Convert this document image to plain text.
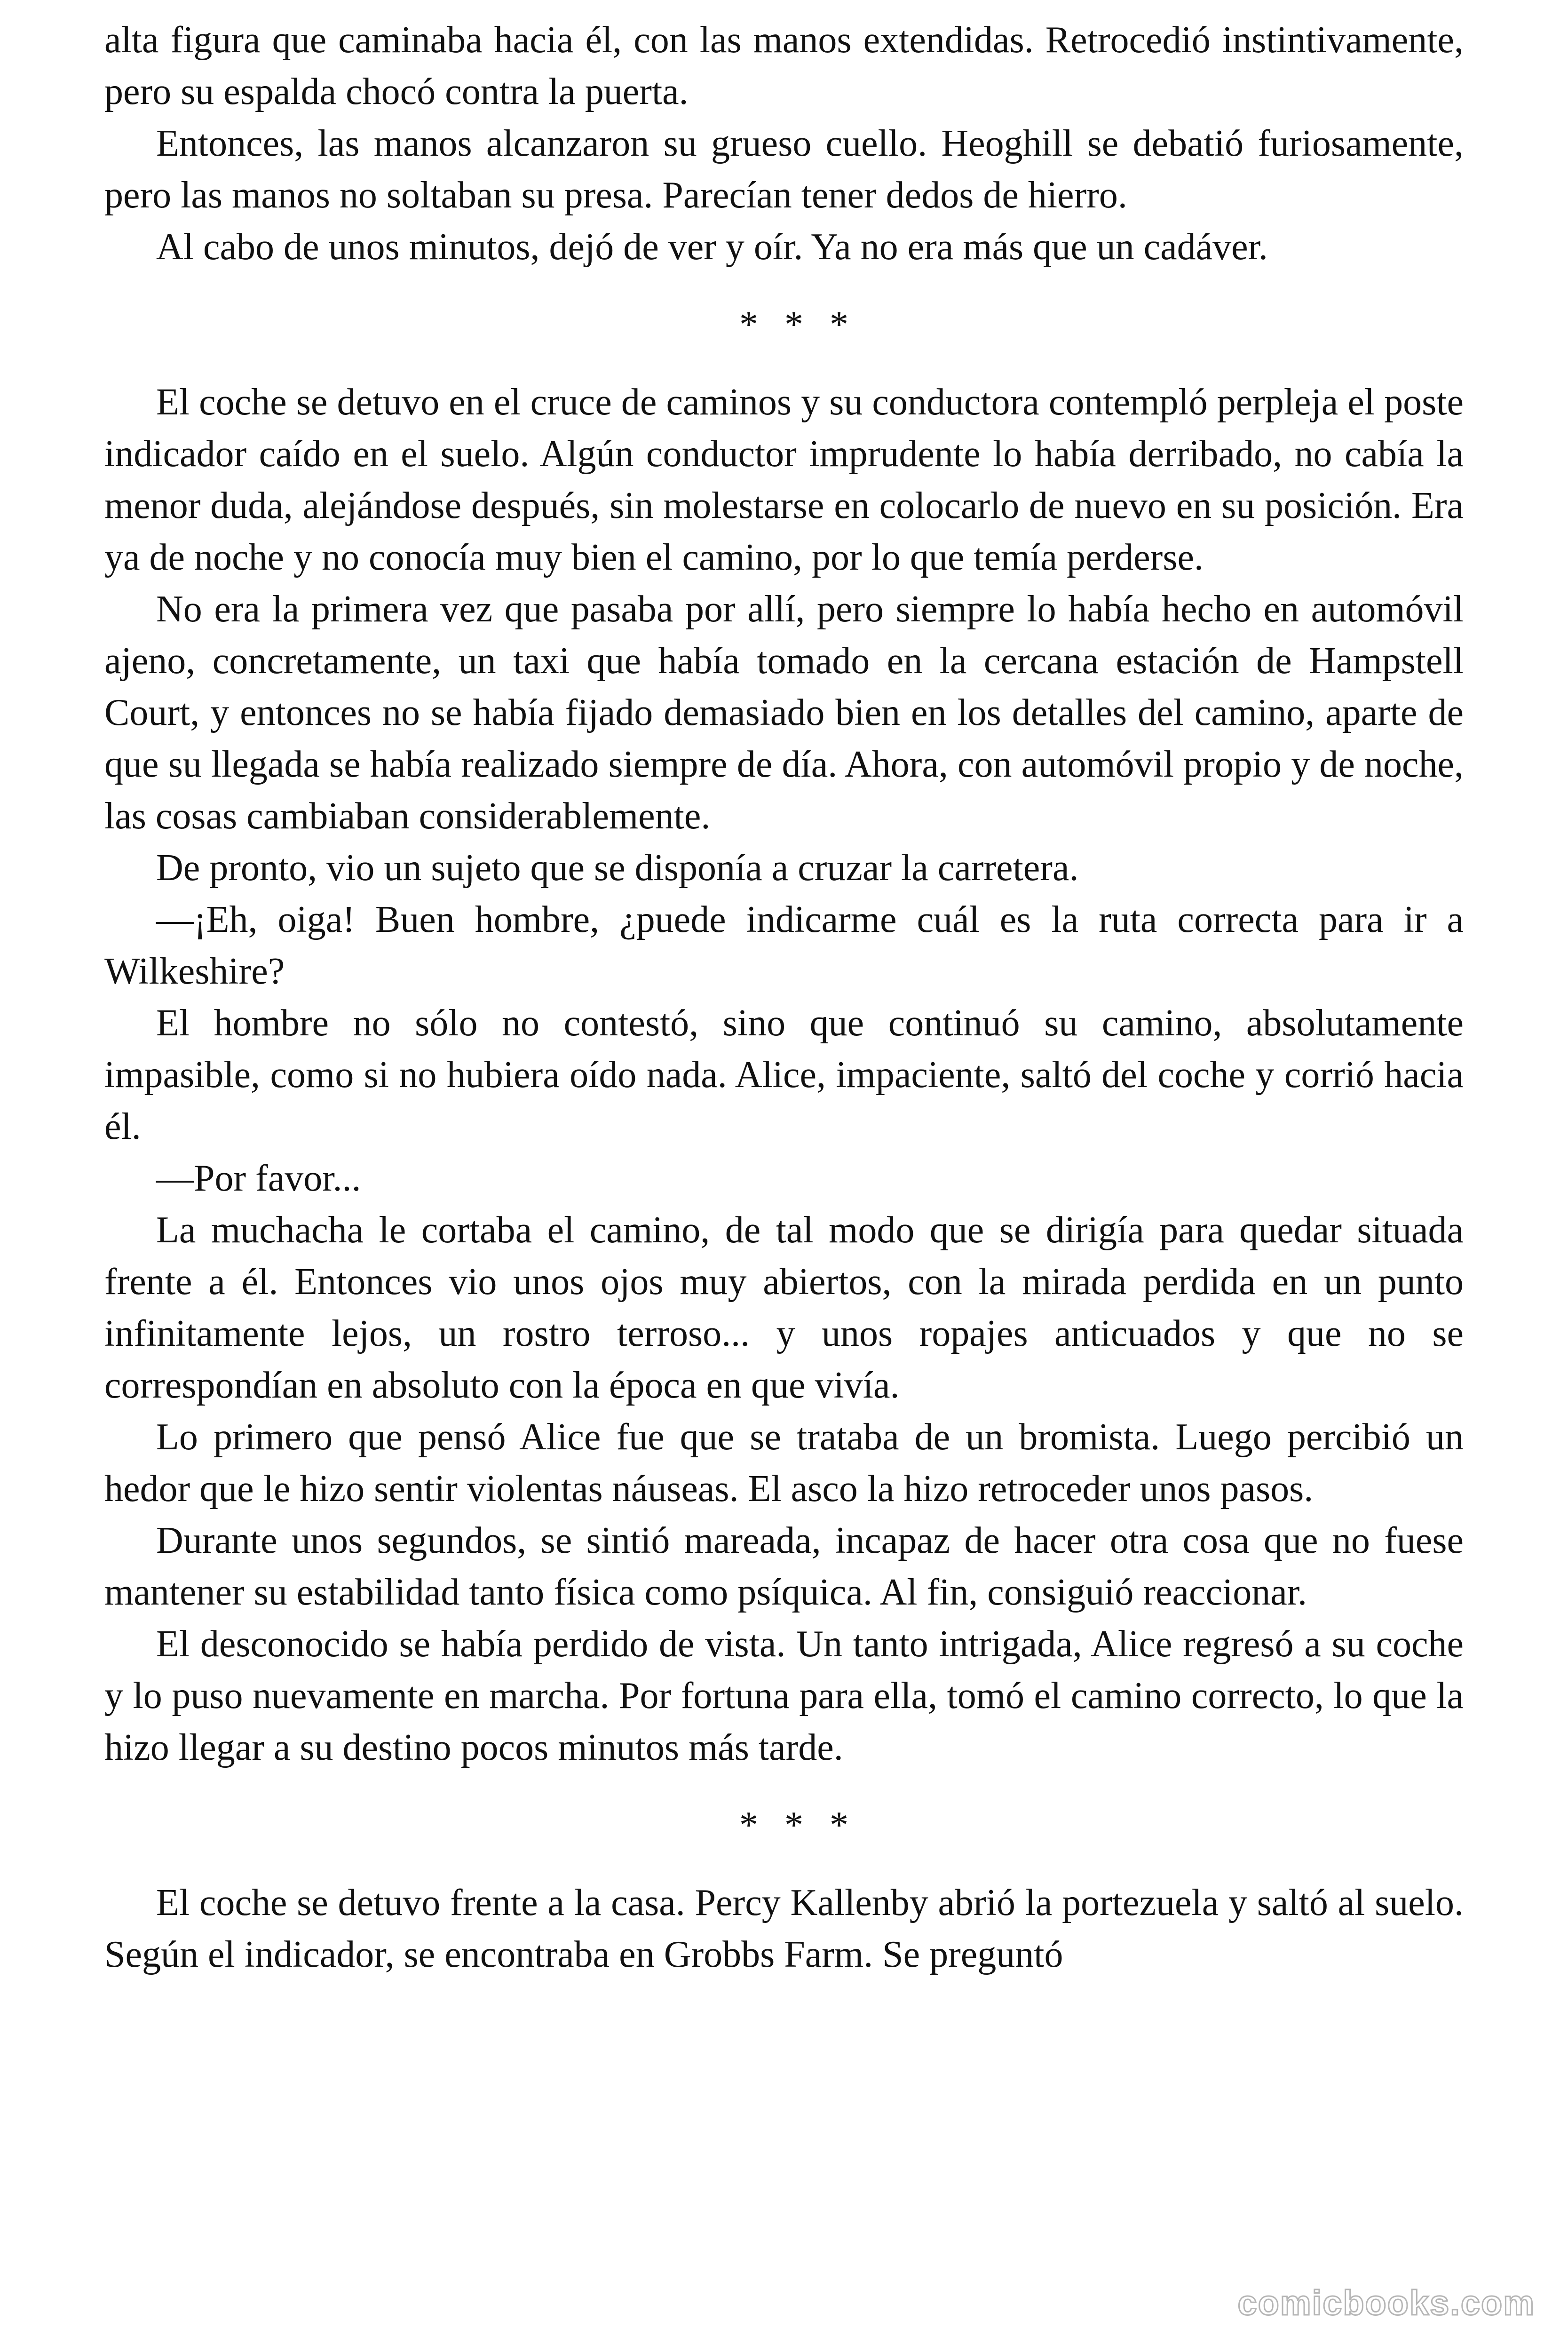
alta figura que caminaba hacia él, con las manos extendidas. Retrocedió instintivamente, pero su espalda chocó contra la puerta.

Entonces, las manos alcanzaron su grueso cuello. Heoghill se debatió furiosamente, pero las manos no soltaban su presa. Parecían tener dedos de hierro.

Al cabo de unos minutos, dejó de ver y oír. Ya no era más que un cadáver.

* * *

El coche se detuvo en el cruce de caminos y su conductora contempló perpleja el poste indicador caído en el suelo. Algún conductor imprudente lo había derribado, no cabía la menor duda, alejándose después, sin molestarse en colocarlo de nuevo en su posición. Era ya de noche y no conocía muy bien el camino, por lo que temía perderse.

No era la primera vez que pasaba por allí, pero siempre lo había hecho en automóvil ajeno, concretamente, un taxi que había tomado en la cercana estación de Hampstell Court, y entonces no se había fijado demasiado bien en los detalles del camino, aparte de que su llegada se había realizado siempre de día. Ahora, con automóvil propio y de noche, las cosas cambiaban considerablemente.

De pronto, vio un sujeto que se disponía a cruzar la carretera.

—¡Eh, oiga! Buen hombre, ¿puede indicarme cuál es la ruta correcta para ir a Wilkeshire?

El hombre no sólo no contestó, sino que continuó su camino, absolutamente impasible, como si no hubiera oído nada. Alice, impaciente, saltó del coche y corrió hacia él.

—Por favor...

La muchacha le cortaba el camino, de tal modo que se dirigía para quedar situada frente a él. Entonces vio unos ojos muy abiertos, con la mirada perdida en un punto infinitamente lejos, un rostro terroso... y unos ropajes anticuados y que no se correspondían en absoluto con la época en que vivía.

Lo primero que pensó Alice fue que se trataba de un bromista. Luego percibió un hedor que le hizo sentir violentas náuseas. El asco la hizo retroceder unos pasos.

Durante unos segundos, se sintió mareada, incapaz de hacer otra cosa que no fuese mantener su estabilidad tanto física como psíquica. Al fin, consiguió reaccionar.

El desconocido se había perdido de vista. Un tanto intrigada, Alice regresó a su coche y lo puso nuevamente en marcha. Por fortuna para ella, tomó el camino correcto, lo que la hizo llegar a su destino pocos minutos más tarde.

* * *

El coche se detuvo frente a la casa. Percy Kallenby abrió la portezuela y saltó al suelo. Según el indicador, se encontraba en Grobbs Farm. Se preguntó

comicbooks.com
